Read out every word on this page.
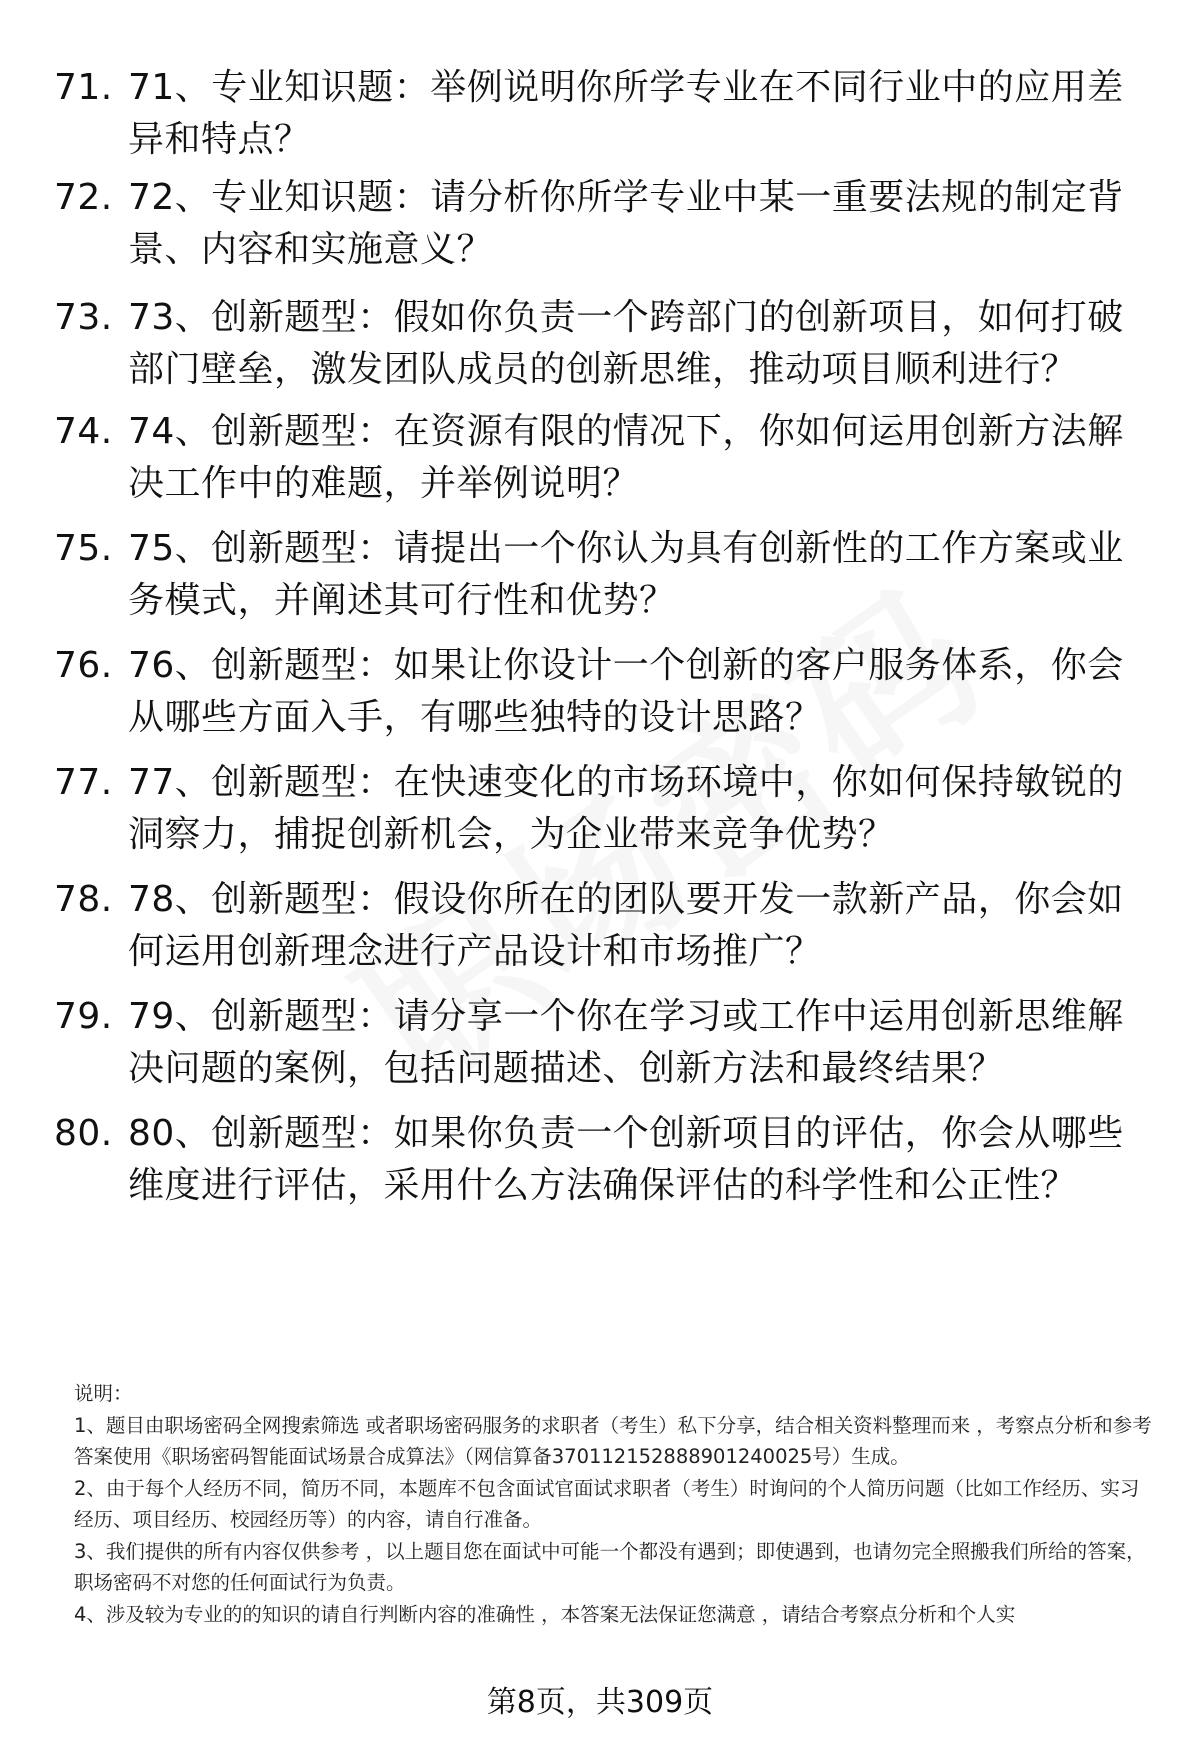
71. 71、专业知识题：举例说明你所学专业在不同行业中的应用差异和特点？
72. 72、专业知识题：请分析你所学专业中某一重要法规的制定背景、内容和实施意义？
73. 73、创新题型：假如你负责一个跨部门的创新项目，如何打破部门壁垒，激发团队成员的创新思维，推动项目顺利进行？
74. 74、创新题型：在资源有限的情况下，你如何运用创新方法解决工作中的难题，并举例说明？
75. 75、创新题型：请提出一个你认为具有创新性的工作方案或业务模式，并阐述其可行性和优势？
76. 76、创新题型：如果让你设计一个创新的客户服务体系，你会从哪些方面入手，有哪些独特的设计思路？
77. 77、创新题型：在快速变化的市场环境中，你如何保持敏锐的洞察力，捕捉创新机会，为企业带来竞争优势？
78. 78、创新题型：假设你所在的团队要开发一款新产品，你会如何运用创新理念进行产品设计和市场推广？
79. 79、创新题型：请分享一个你在学习或工作中运用创新思维解决问题的案例，包括问题描述、创新方法和最终结果？
80. 80、创新题型：如果你负责一个创新项目的评估，你会从哪些维度进行评估，采用什么方法确保评估的科学性和公正性？

说明：

1、题目由职场密码全网搜索筛选 或者职场密码服务的求职者（考生）私下分享，结合相关资料整理而来 ，考察点分析和参考答案使用《职场密码智能面试场景合成算法》（网信算备370112152888901240025号）生成。

2、由于每个人经历不同，简历不同，本题库不包含面试官面试求职者（考生）时询问的个人简历问题（比如工作经历、实习经历、项目经历、校园经历等）的内容，请自行准备。

3、我们提供的所有内容仅供参考 ，以上题目您在面试中可能一个都没有遇到；即使遇到，也请勿完全照搬我们所给的答案，职场密码不对您的任何面试行为负责。

4、涉及较为专业的的知识的请自行判断内容的准确性 ，本答案无法保证您满意 ，请结合考察点分析和个人实

第8页，共309页
